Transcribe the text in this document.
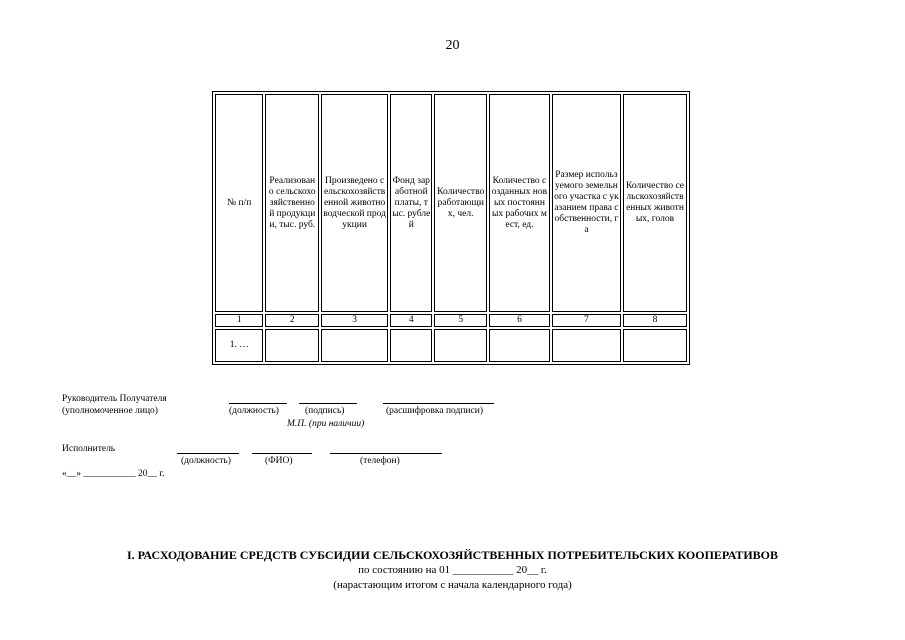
20
№ п/п	Реализовано сельскохозяйственной продукции, тыс. руб.	Произведено сельскохозяйственной животноводческой продукции	Фонд заработной платы, тыс. рублей	Количество работающих, чел.	Количество созданных новых постоянных рабочих мест, ед.	Размер используемого земельного участка с указанием права собственности, га	Количество сельскохозяйственных животных, голов
1	2	3	4	5	6	7	8
1. …							
Руководитель Получателя
(уполномоченное лицо)	(должность)	(подпись)	(расшифровка подписи)
М.П. (при наличии)
Исполнитель
(должность)	(ФИО)	(телефон)
«__» ___________ 20__ г.
I. РАСХОДОВАНИЕ СРЕДСТВ СУБСИДИИ СЕЛЬСКОХОЗЯЙСТВЕННЫХ ПОТРЕБИТЕЛЬСКИХ КООПЕРАТИВОВ
по состоянию на 01 ___________ 20__ г.
(нарастающим итогом с начала календарного года)
